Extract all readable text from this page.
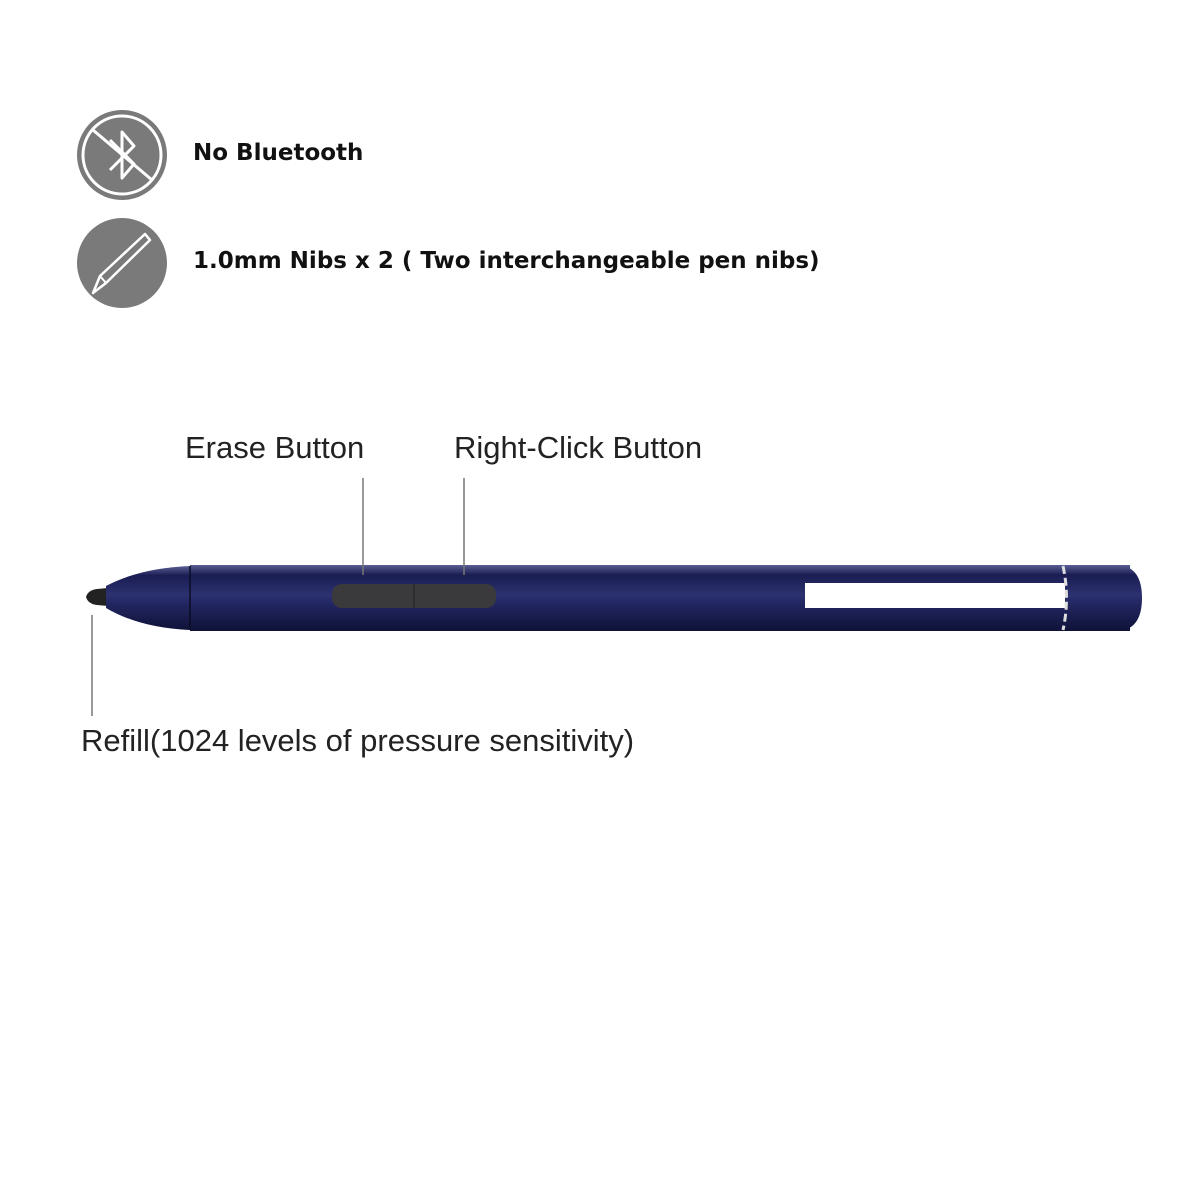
No Bluetooth
1.0mm Nibs x 2 ( Two interchangeable pen nibs)
Erase Button	Right-Click Button
Refill(1024 levels of pressure sensitivity)
